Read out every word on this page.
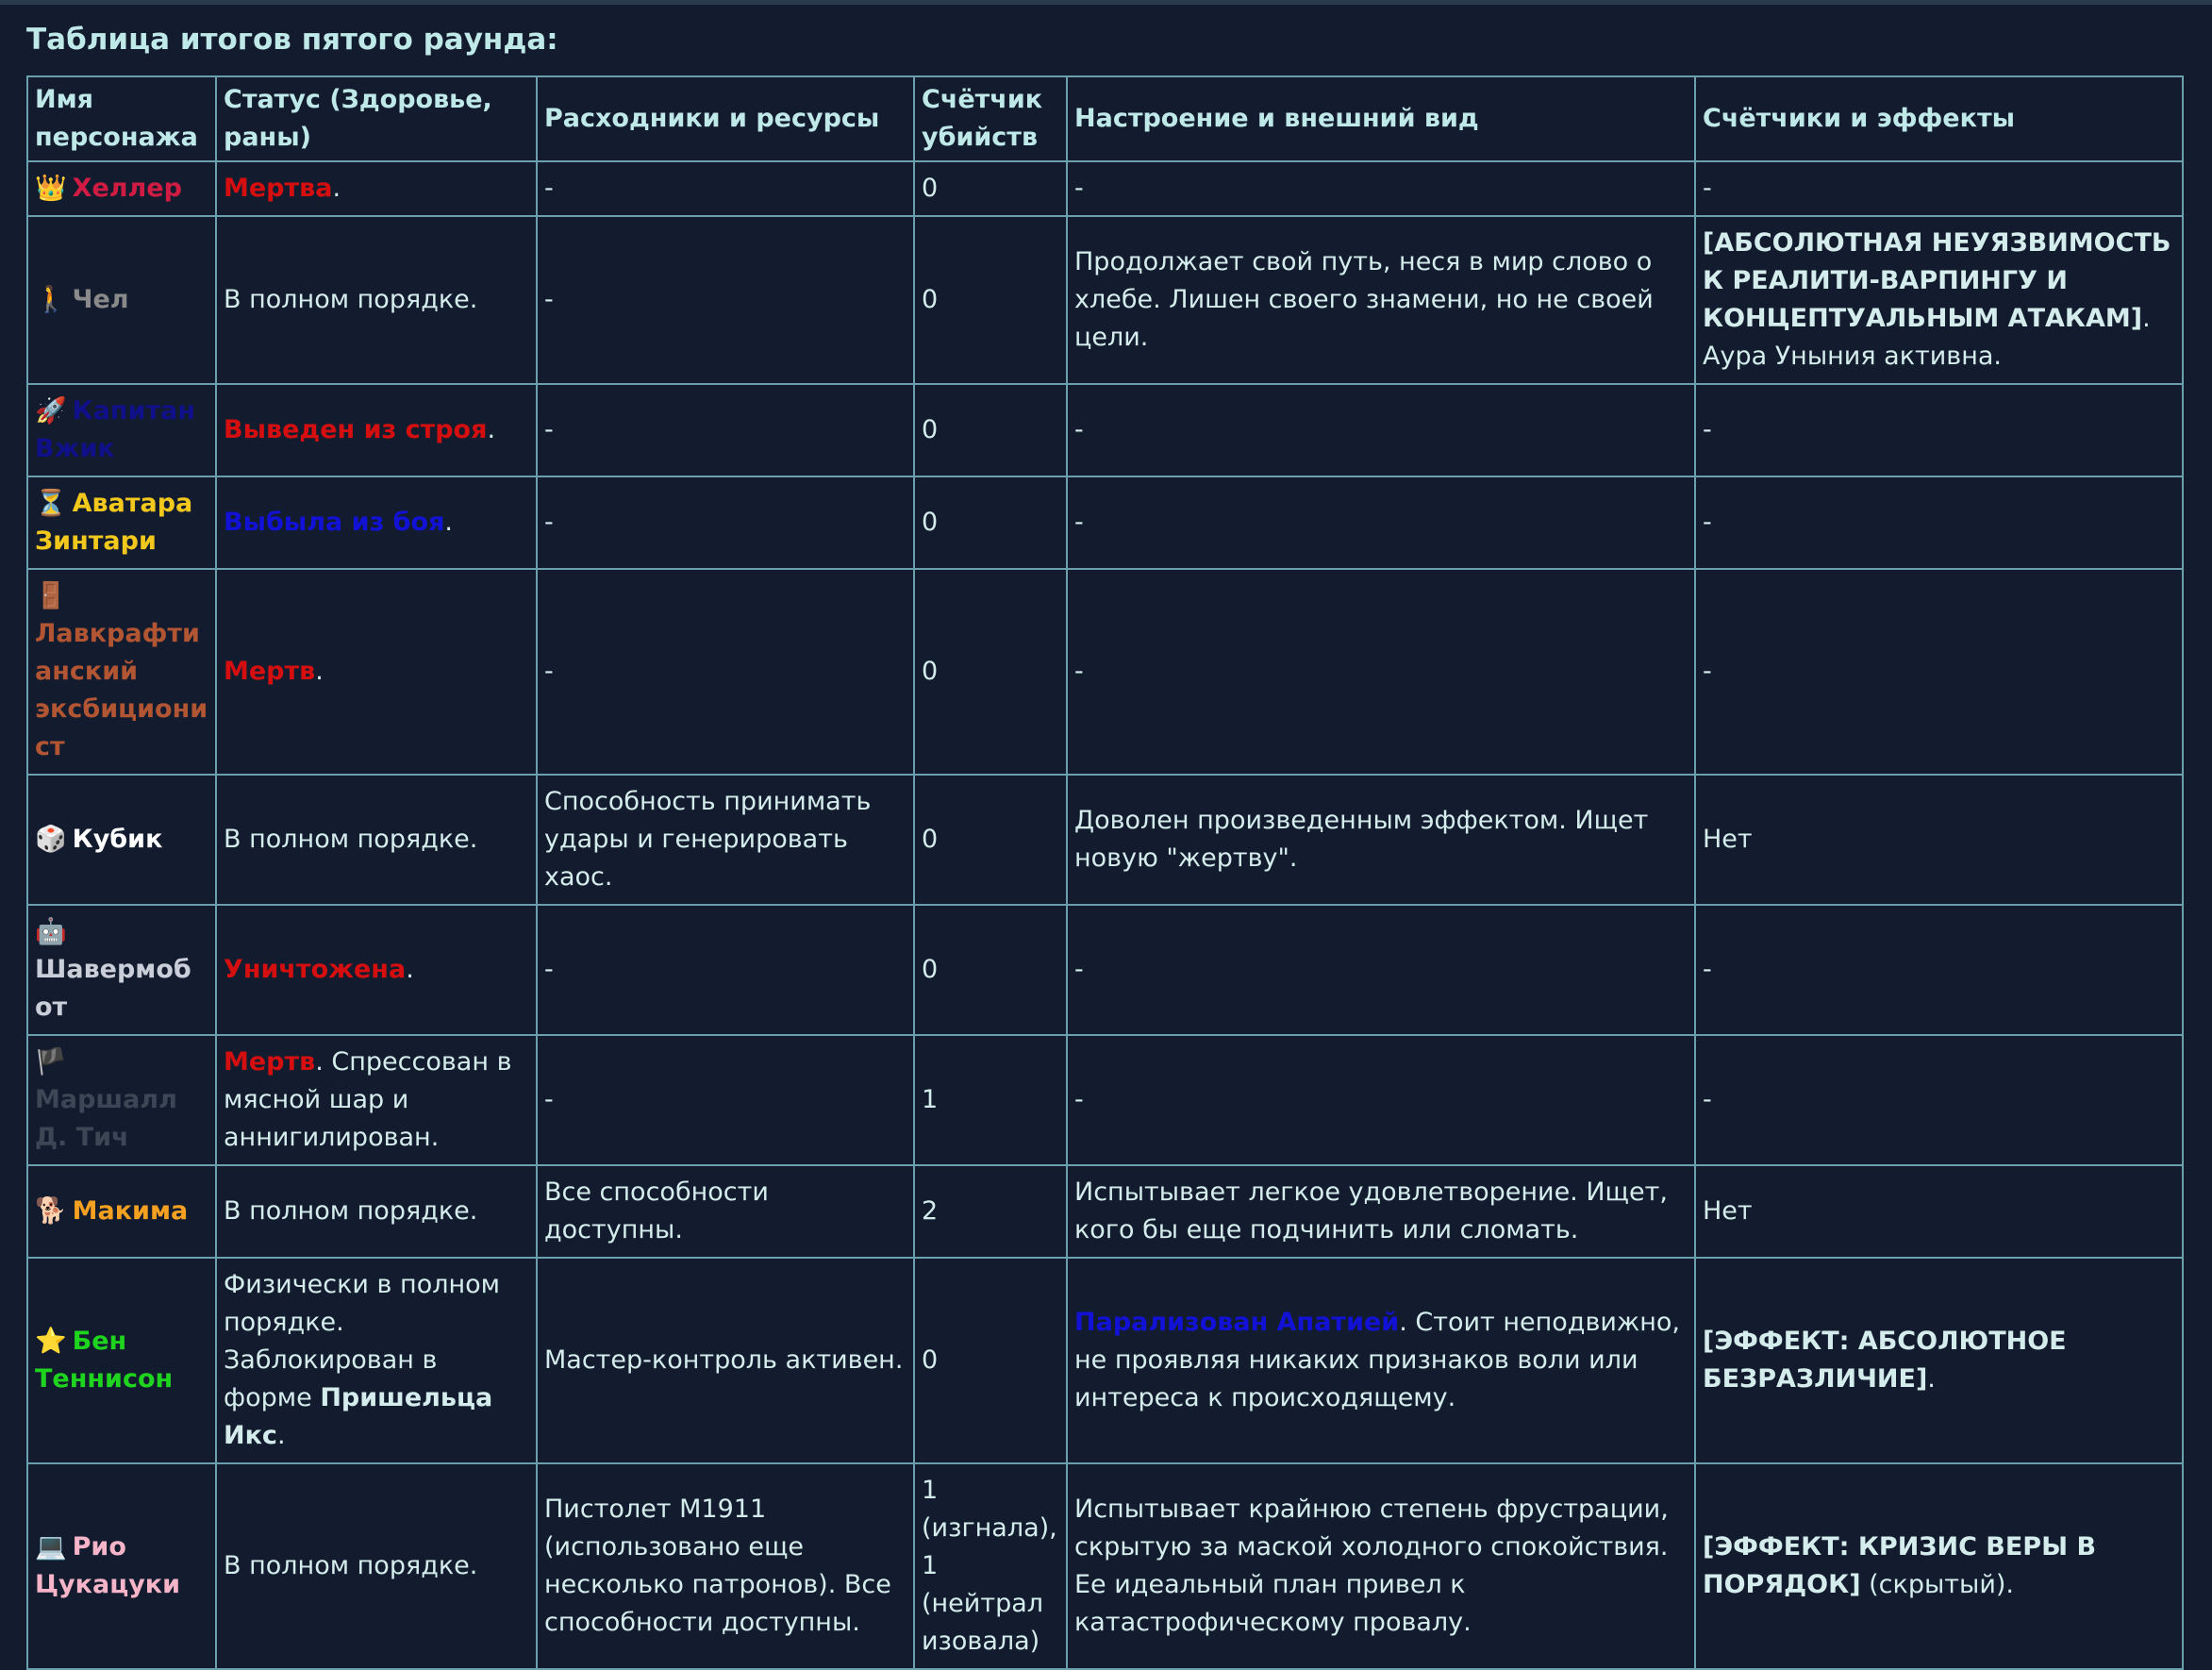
Таблица итогов пятого раунда:
Имя персонажа	Статус (Здоровье, раны)	Расходники и ресурсы	Счётчик убийств	Настроение и внешний вид	Счётчики и эффекты
👑 Хеллер	Мертва.	-	0	-	-
🚶 Чел	В полном порядке.	-	0	Продолжает свой путь, неся в мир слово о хлебе. Лишен своего знамени, но не своей цели.	[АБСОЛЮТНАЯ НЕУЯЗВИМОСТЬ К РЕАЛИТИ-ВАРПИНГУ И КОНЦЕПТУАЛЬНЫМ АТАКАМ]. Аура Уныния активна.
🚀 Капитан Вжик	Выведен из строя.	-	0	-	-
⏳ Аватара Зинтари	Выбыла из боя.	-	0	-	-
🚪Лавкрафтианский эксбиционист	Мертв.	-	0	-	-
🎲 Кубик	В полном порядке.	Способность принимать удары и генерировать хаос.	0	Доволен произведенным эффектом. Ищет новую "жертву".	Нет
🤖Шавермобот	Уничтожена.	-	0	-	-
🏴Маршалл Д. Тич	Мертв. Спрессован в мясной шар и аннигилирован.	-	1	-	-
🐕 Макима	В полном порядке.	Все способности доступны.	2	Испытывает легкое удовлетворение. Ищет, кого бы еще подчинить или сломать.	Нет
⭐ Бен Теннисон	Физически в полном порядке. Заблокирован в форме Пришельца Икс.	Мастер-контроль активен.	0	Парализован Апатией. Стоит неподвижно, не проявляя никаких признаков воли или интереса к происходящему.	[ЭФФЕКТ: АБСОЛЮТНОЕ БЕЗРАЗЛИЧИЕ].
💻 Рио Цукацуки	В полном порядке.	Пистолет M1911 (использовано еще несколько патронов). Все способности доступны.	1 (изгнала), 1 (нейтрализовала)	Испытывает крайнюю степень фрустрации, скрытую за маской холодного спокойствия. Ее идеальный план привел к катастрофическому провалу.	[ЭФФЕКТ: КРИЗИС ВЕРЫ В ПОРЯДОК] (скрытый).
